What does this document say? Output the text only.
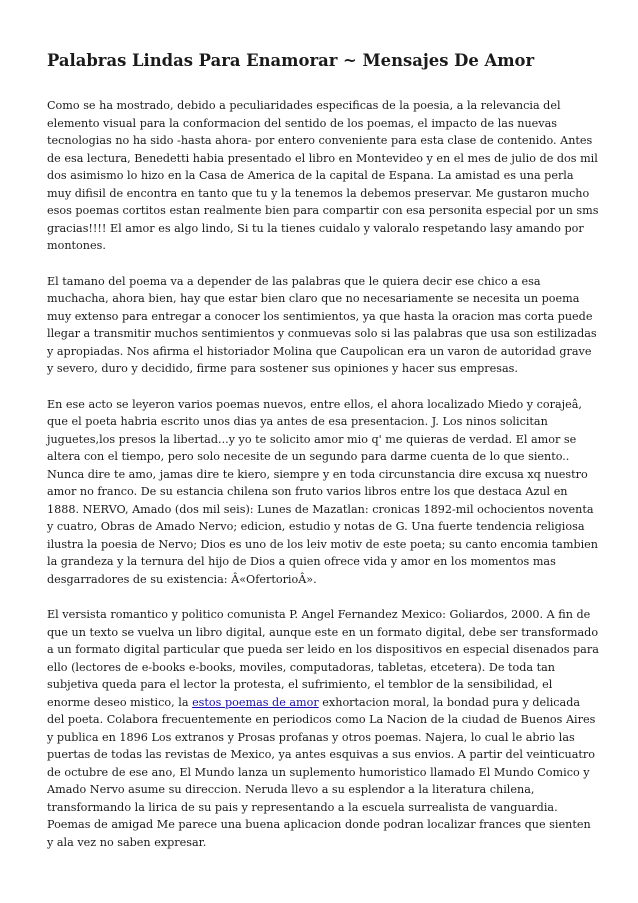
Palabras Lindas Para Enamorar ~ Mensajes De Amor

Como se ha mostrado, debido a peculiaridades especificas de la poesia, a la relevancia del elemento visual para la conformacion del sentido de los poemas, el impacto de las nuevas tecnologias no ha sido -hasta ahora- por entero conveniente para esta clase de contenido. Antes de esa lectura, Benedetti habia presentado el libro en Montevideo y en el mes de julio de dos mil dos asimismo lo hizo en la Casa de America de la capital de Espana. La amistad es una perla muy difisil de encontra en tanto que tu y la tenemos la debemos preservar. Me gustaron mucho esos poemas cortitos estan realmente bien para compartir con esa personita especial por un sms gracias!!!! El amor es algo lindo, Si tu la tienes cuidalo y valoralo respetando lasy amando por montones.

El tamano del poema va a depender de las palabras que le quiera decir ese chico a esa muchacha, ahora bien, hay que estar bien claro que no necesariamente se necesita un poema muy extenso para entregar a conocer los sentimientos, ya que hasta la oracion mas corta puede llegar a transmitir muchos sentimientos y conmuevas solo si las palabras que usa son estilizadas y apropiadas. Nos afirma el historiador Molina que Caupolican era un varon de autoridad grave y severo, duro y decidido, firme para sostener sus opiniones y hacer sus empresas.

En ese acto se leyeron varios poemas nuevos, entre ellos, el ahora localizado Miedo y corajeâ, que el poeta habria escrito unos dias ya antes de esa presentacion. J. Los ninos solicitan juguetes,los presos la libertad...y yo te solicito amor mio q' me quieras de verdad. El amor se altera con el tiempo, pero solo necesite de un segundo para darme cuenta de lo que siento.. Nunca dire te amo, jamas dire te kiero, siempre y en toda circunstancia dire excusa xq nuestro amor no franco. De su estancia chilena son fruto varios libros entre los que destaca Azul en 1888. NERVO, Amado (dos mil seis): Lunes de Mazatlan: cronicas 1892-mil ochocientos noventa y cuatro, Obras de Amado Nervo; edicion, estudio y notas de G. Una fuerte tendencia religiosa ilustra la poesia de Nervo; Dios es uno de los leiv motiv de este poeta; su canto encomia tambien la grandeza y la ternura del hijo de Dios a quien ofrece vida y amor en los momentos mas desgarradores de su existencia: Â«OfertorioÂ».

El versista romantico y politico comunista P. Angel Fernandez Mexico: Goliardos, 2000. A fin de que un texto se vuelva un libro digital, aunque este en un formato digital, debe ser transformado a un formato digital particular que pueda ser leido en los dispositivos en especial disenados para ello (lectores de e-books e-books, moviles, computadoras, tabletas, etcetera). De toda tan subjetiva queda para el lector la protesta, el sufrimiento, el temblor de la sensibilidad, el enorme deseo mistico, la estos poemas de amor exhortacion moral, la bondad pura y delicada del poeta. Colabora frecuentemente en periodicos como La Nacion de la ciudad de Buenos Aires y publica en 1896 Los extranos y Prosas profanas y otros poemas. Najera, lo cual le abrio las puertas de todas las revistas de Mexico, ya antes esquivas a sus envios. A partir del veinticuatro de octubre de ese ano, El Mundo lanza un suplemento humoristico llamado El Mundo Comico y Amado Nervo asume su direccion. Neruda llevo a su esplendor a la literatura chilena, transformando la lirica de su pais y representando a la escuela surrealista de vanguardia. Poemas de amigad Me parece una buena aplicacion donde podran localizar frances que sienten y ala vez no saben expresar.
